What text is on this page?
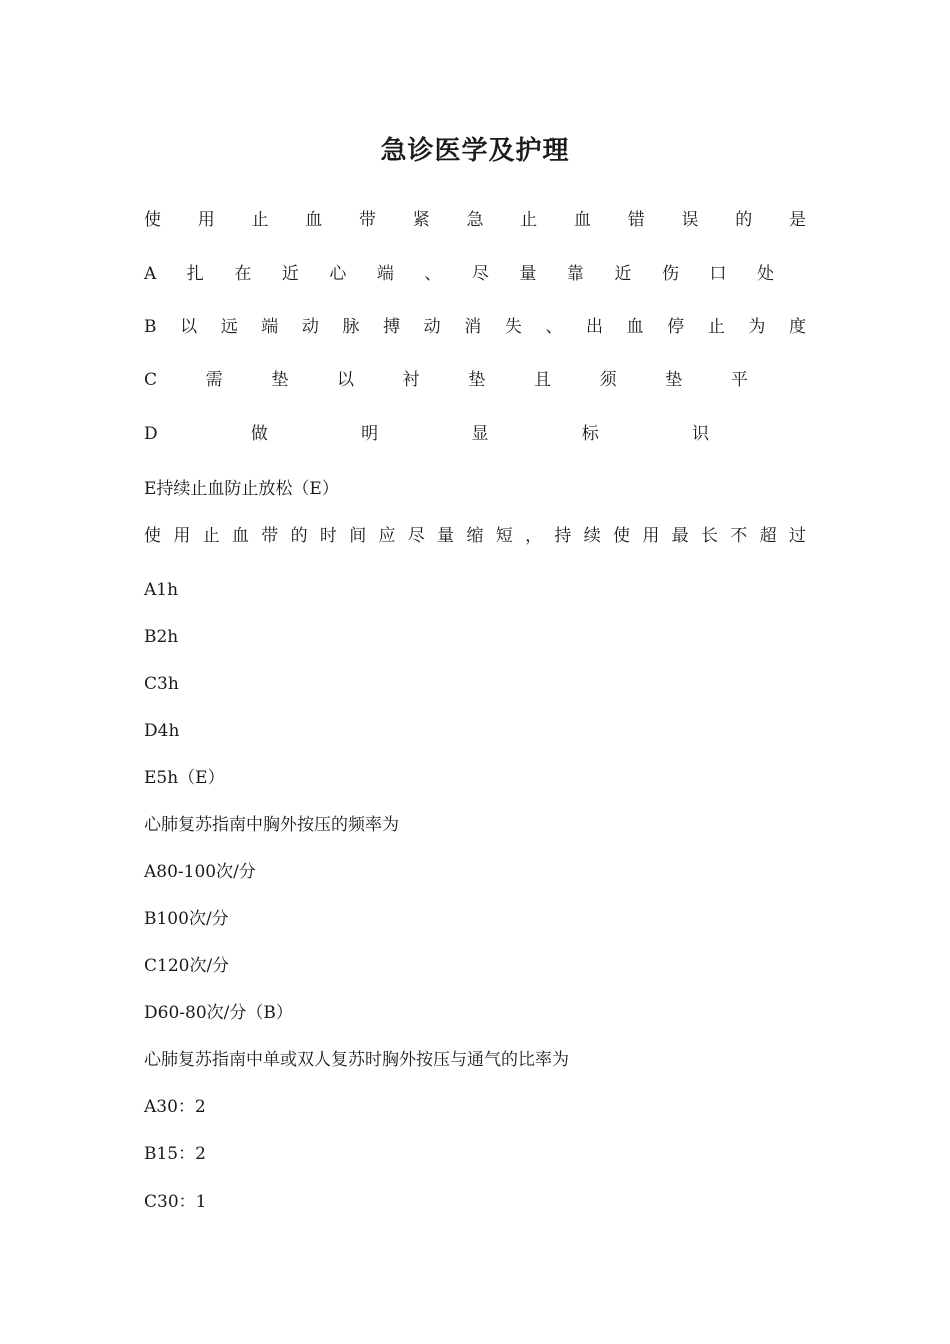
急诊医学及护理
使 用 止 血 带 紧 急 止 血 错 误 的 是
A 扎 在 近 心 端 、 尽 量 靠 近 伤 口 处
B 以 远 端 动 脉 搏 动 消 失 、 出 血 停 止 为 度
C	需	垫	以	衬	垫	且	须	垫	平
D	做	明	显	标	识
E持续止血防止放松（E）
使 用 止 血 带 的 时 间 应 尽 量 缩 短 ， 持 续 使 用 最 长 不 超 过
A1h
B2h
C3h
D4h
E5h（E）
心肺复苏指南中胸外按压的频率为
A80-100次/分
B100次/分
C120次/分
D60-80次/分（B）
心肺复苏指南中单或双人复苏时胸外按压与通气的比率为
A30：2
B15：2
C30：1
